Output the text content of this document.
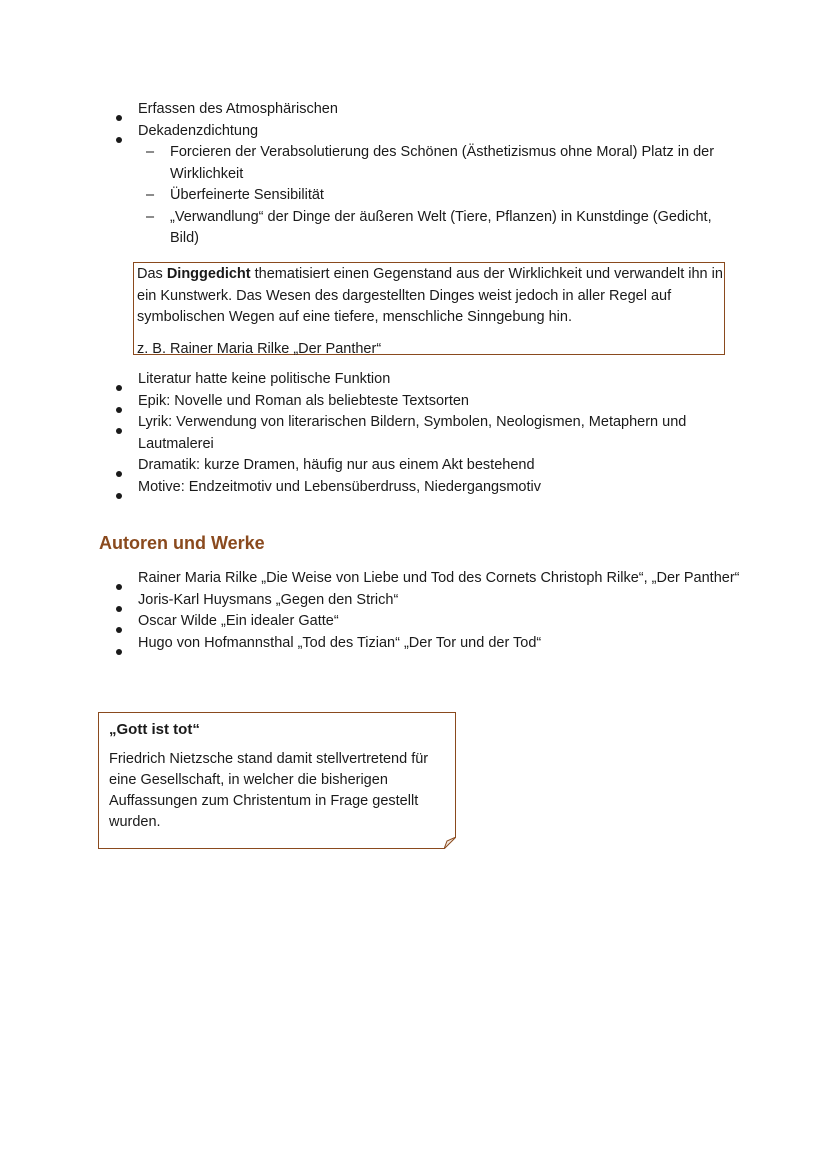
Erfassen des Atmosphärischen
Dekadenzdichtung
– Forcieren der Verabsolutierung des Schönen (Ästhetizismus ohne Moral) Platz in der Wirklichkeit
– Überfeinerte Sensibilität
– „Verwandlung“ der Dinge der äußeren Welt (Tiere, Pflanzen) in Kunstdinge (Gedicht, Bild)

Das Dinggedicht thematisiert einen Gegenstand aus der Wirklichkeit und verwandelt ihn in ein Kunstwerk. Das Wesen des dargestellten Dinges weist jedoch in aller Regel auf symbolischen Wegen auf eine tiefere, menschliche Sinngebung hin.

z. B. Rainer Maria Rilke „Der Panther“

Literatur hatte keine politische Funktion
Epik: Novelle und Roman als beliebteste Textsorten
Lyrik: Verwendung von literarischen Bildern, Symbolen, Neologismen, Metaphern und Lautmalerei
Dramatik: kurze Dramen, häufig nur aus einem Akt bestehend
Motive: Endzeitmotiv und Lebensüberdruss, Niedergangsmotiv
Autoren und Werke
Rainer Maria Rilke „Die Weise von Liebe und Tod des Cornets Christoph Rilke“, „Der Panther“
Joris-Karl Huysmans „Gegen den Strich“
Oscar Wilde „Ein idealer Gatte“
Hugo von Hofmannsthal „Tod des Tizian“ „Der Tor und der Tod“

„Gott ist tot“

Friedrich Nietzsche stand damit stellvertretend für eine Gesellschaft, in welcher die bisherigen Auffassungen zum Christentum in Frage gestellt wurden.
